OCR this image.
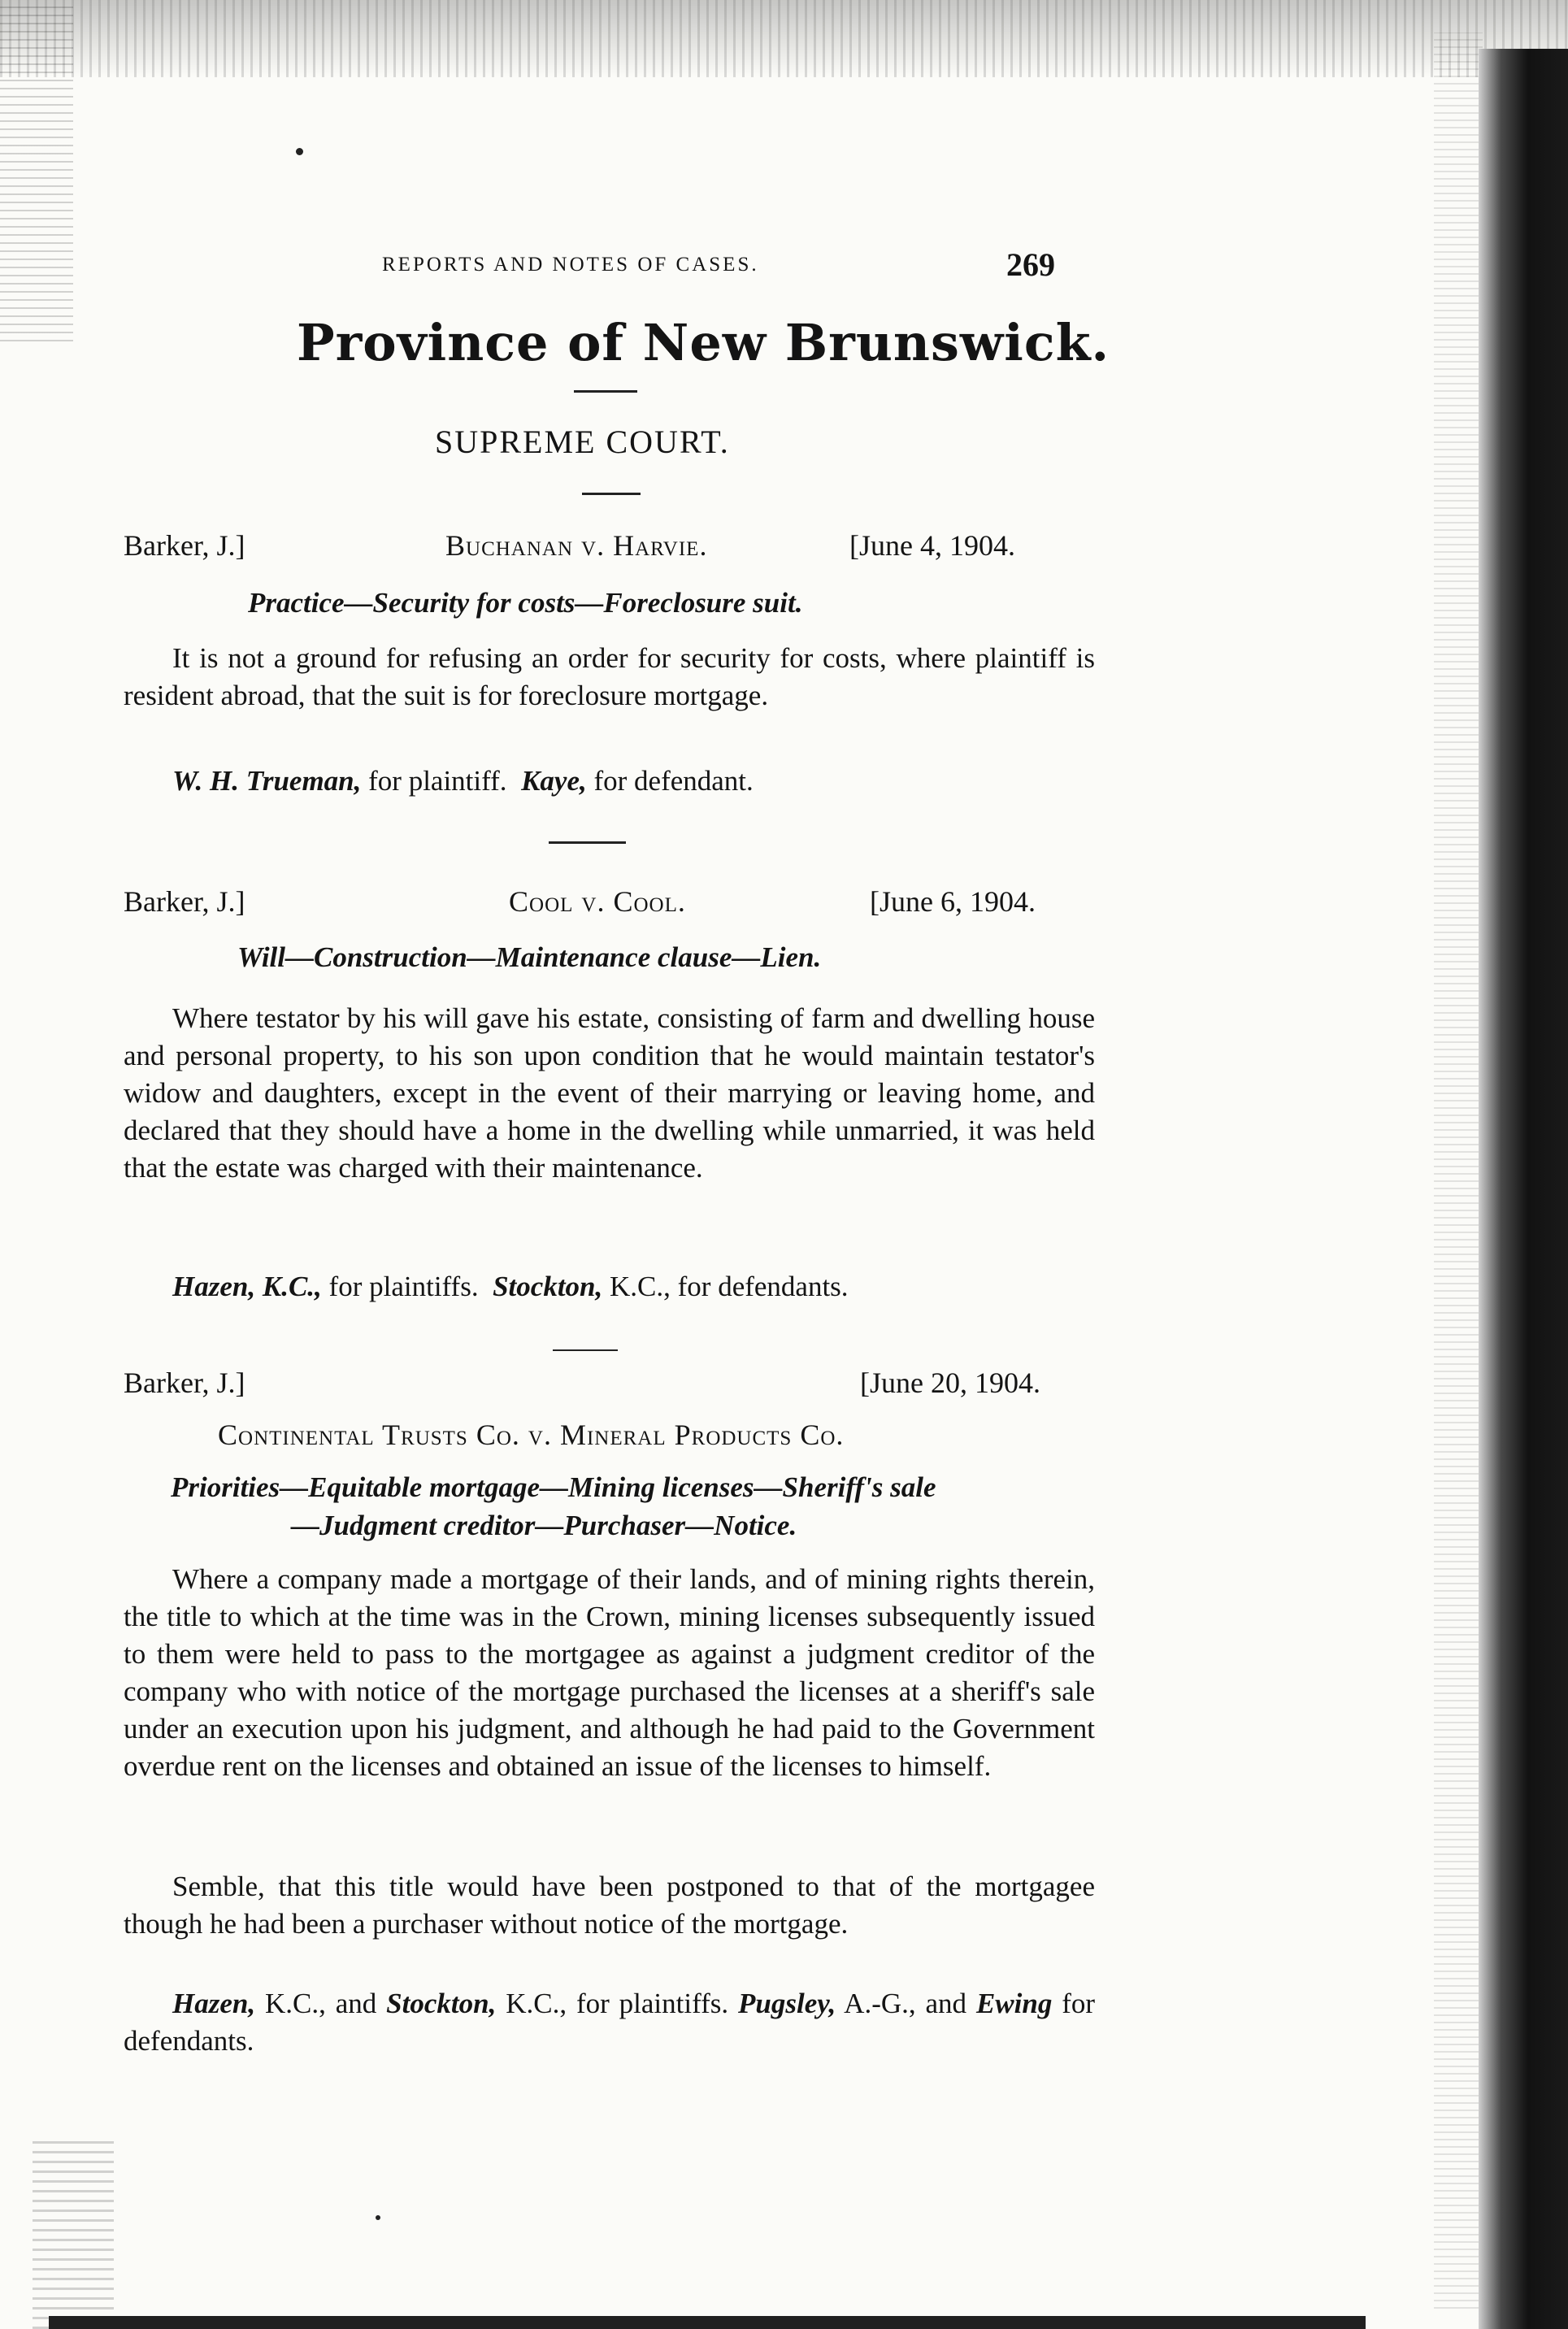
REPORTS AND NOTES OF CASES.	269

Province of New Brunswick.

SUPREME COURT.

Barker, J.]	Buchanan v. Harvie.	[June 4, 1904.

Practice—Security for costs—Foreclosure suit.

It is not a ground for refusing an order for security for costs, where plaintiff is resident abroad, that the suit is for foreclosure mortgage.

W. H. Trueman, for plaintiff. Kaye, for defendant.

Barker, J.]	Cool v. Cool.	[June 6, 1904.

Will—Construction—Maintenance clause—Lien.

Where testator by his will gave his estate, consisting of farm and dwelling house and personal property, to his son upon condition that he would maintain testator's widow and daughters, except in the event of their marrying or leaving home, and declared that they should have a home in the dwelling while unmarried, it was held that the estate was charged with their maintenance.

Hazen, K.C., for plaintiffs. Stockton, K.C., for defendants.

Barker, J.]	[June 20, 1904.

Continental Trusts Co. v. Mineral Products Co.

Priorities—Equitable mortgage—Mining licenses—Sheriff's sale

—Judgment creditor—Purchaser—Notice.

Where a company made a mortgage of their lands, and of mining rights therein, the title to which at the time was in the Crown, mining licenses subsequently issued to them were held to pass to the mortgagee as against a judgment creditor of the company who with notice of the mortgage purchased the licenses at a sheriff's sale under an execution upon his judgment, and although he had paid to the Government overdue rent on the licenses and obtained an issue of the licenses to himself.

Semble, that this title would have been postponed to that of the mortgagee though he had been a purchaser without notice of the mortgage.

Hazen, K.C., and Stockton, K.C., for plaintiffs. Pugsley, A.-G., and Ewing for defendants.
